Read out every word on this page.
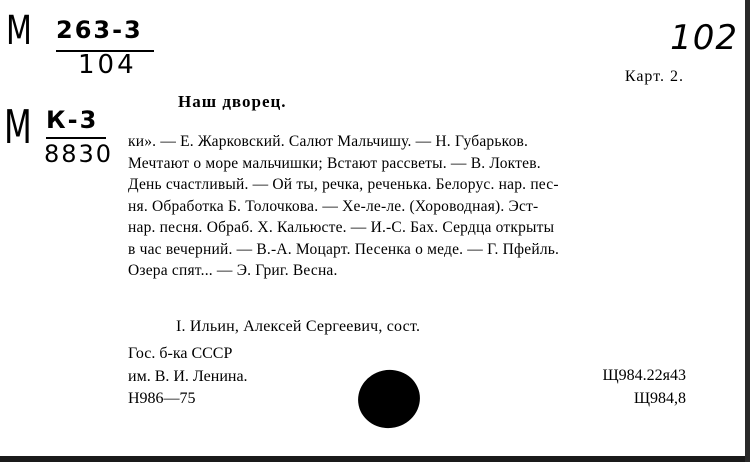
М 263-3
104
М К-3
8830
102
Карт. 2.
Наш дворец.

ки». — Е. Жарковский. Салют Мальчишу. — Н. Губарьков.

Мечтают о море мальчишки; Встают рассветы. — В. Локтев.

День счастливый. — Ой ты, речка, реченька. Белорус. нар. пес-

ня. Обработка Б. Толочкова. — Хе-ле-ле. (Хороводная). Эст-

нар. песня. Обраб. Х. Кальюсте. — И.-С. Бах. Сердца открыты

в час вечерний. — В.-А. Моцарт. Песенка о меде. — Г. Пфейль.

Озера спят... — Э. Григ. Весна.

I. Ильин, Алексей Сергеевич, сост.
Гос. б-ка СССР
им. В. И. Ленина.
Н986—75
Щ984.22я43
Щ984,8
